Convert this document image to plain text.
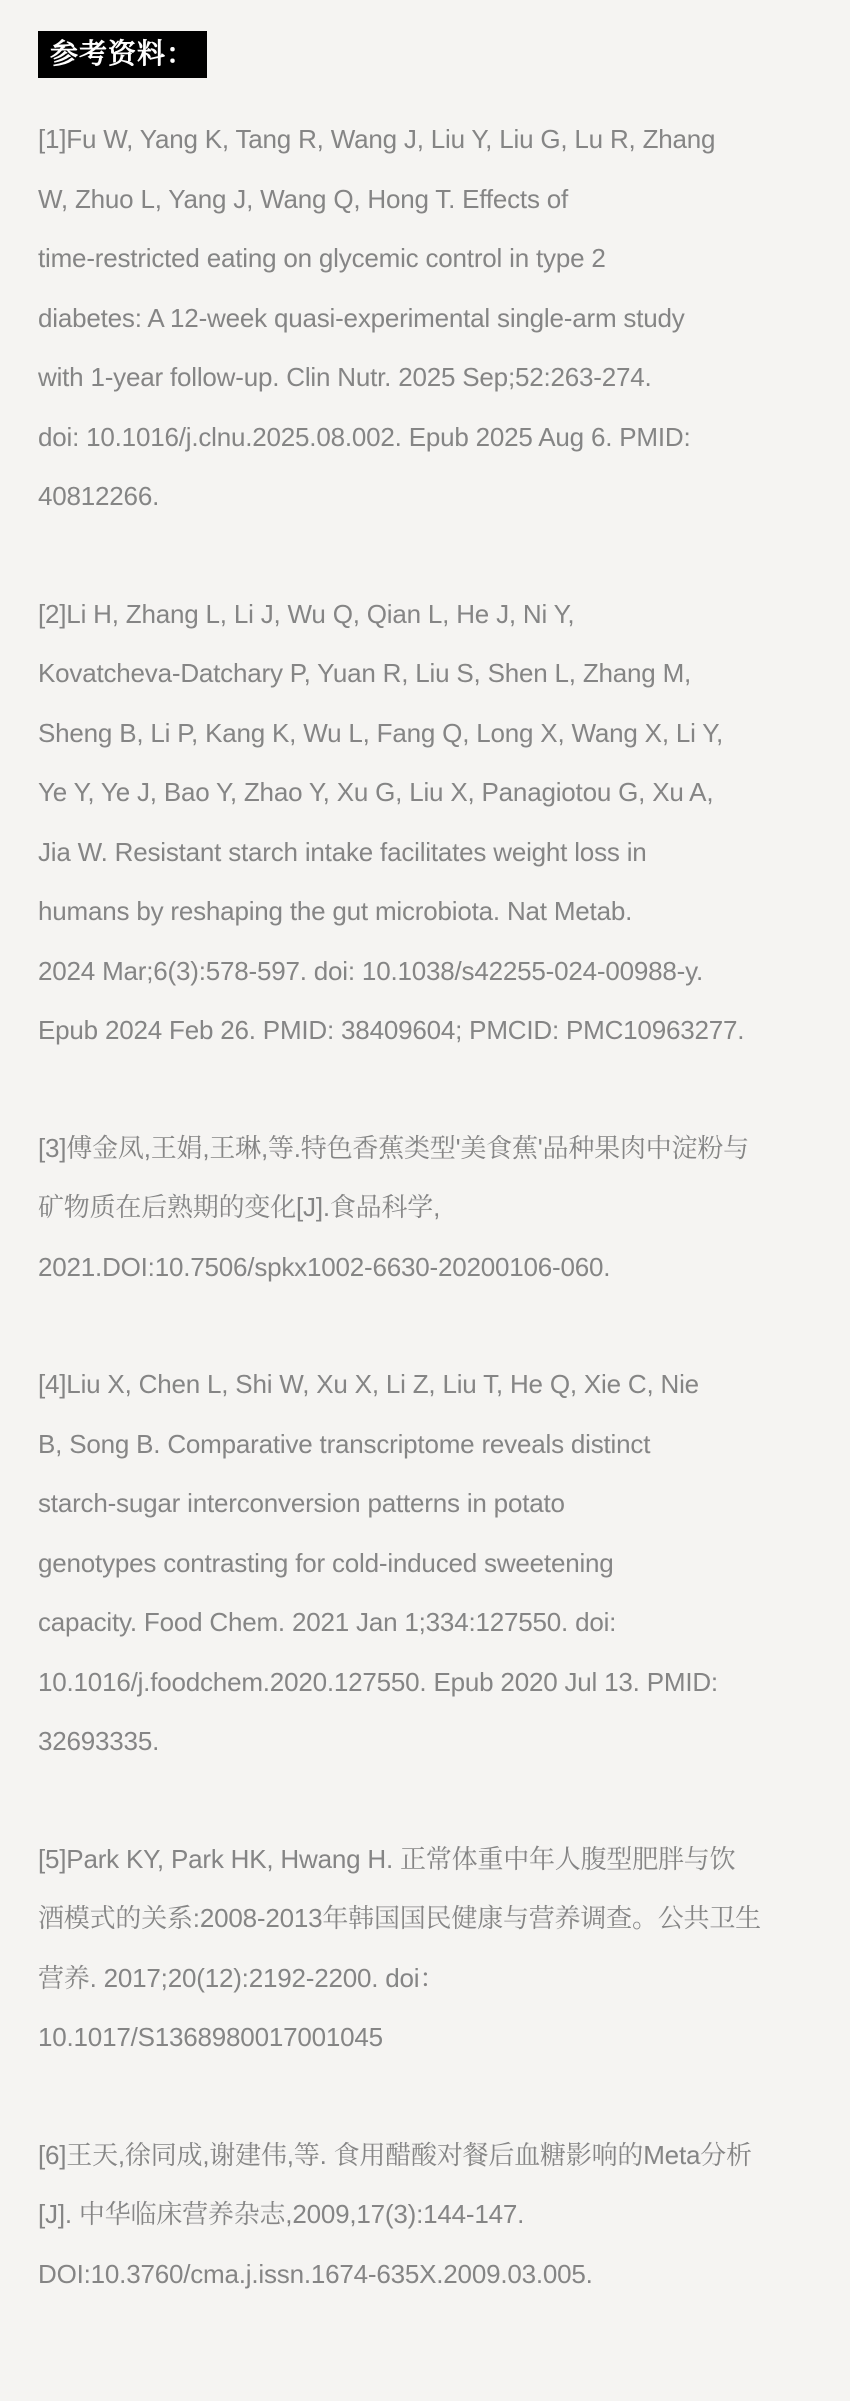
参考资料：
[1]Fu W, Yang K, Tang R, Wang J, Liu Y, Liu G, Lu R, Zhang
W, Zhuo L, Yang J, Wang Q, Hong T. Effects of
time-restricted eating on glycemic control in type 2
diabetes: A 12-week quasi-experimental single-arm study
with 1-year follow-up. Clin Nutr. 2025 Sep;52:263-274.
doi: 10.1016/j.clnu.2025.08.002. Epub 2025 Aug 6. PMID:
40812266.
[2]Li H, Zhang L, Li J, Wu Q, Qian L, He J, Ni Y,
Kovatcheva-Datchary P, Yuan R, Liu S, Shen L, Zhang M,
Sheng B, Li P, Kang K, Wu L, Fang Q, Long X, Wang X, Li Y,
Ye Y, Ye J, Bao Y, Zhao Y, Xu G, Liu X, Panagiotou G, Xu A,
Jia W. Resistant starch intake facilitates weight loss in
humans by reshaping the gut microbiota. Nat Metab.
2024 Mar;6(3):578-597. doi: 10.1038/s42255-024-00988-y.
Epub 2024 Feb 26. PMID: 38409604; PMCID: PMC10963277.
[3]傅金凤,王娟,王琳,等.特色香蕉类型'美食蕉'品种果肉中淀粉与
矿物质在后熟期的变化[J].食品科学,
2021.DOI:10.7506/spkx1002-6630-20200106-060.
[4]Liu X, Chen L, Shi W, Xu X, Li Z, Liu T, He Q, Xie C, Nie
B, Song B. Comparative transcriptome reveals distinct
starch-sugar interconversion patterns in potato
genotypes contrasting for cold-induced sweetening
capacity. Food Chem. 2021 Jan 1;334:127550. doi:
10.1016/j.foodchem.2020.127550. Epub 2020 Jul 13. PMID:
32693335.
[5]Park KY, Park HK, Hwang H. 正常体重中年人腹型肥胖与饮
酒模式的关系:2008-2013年韩国国民健康与营养调查。公共卫生
营养. 2017;20(12):2192-2200. doi：
10.1017/S1368980017001045
[6]王天,徐同成,谢建伟,等. 食用醋酸对餐后血糖影响的Meta分析
[J]. 中华临床营养杂志,2009,17(3):144-147.
DOI:10.3760/cma.j.issn.1674-635X.2009.03.005.
